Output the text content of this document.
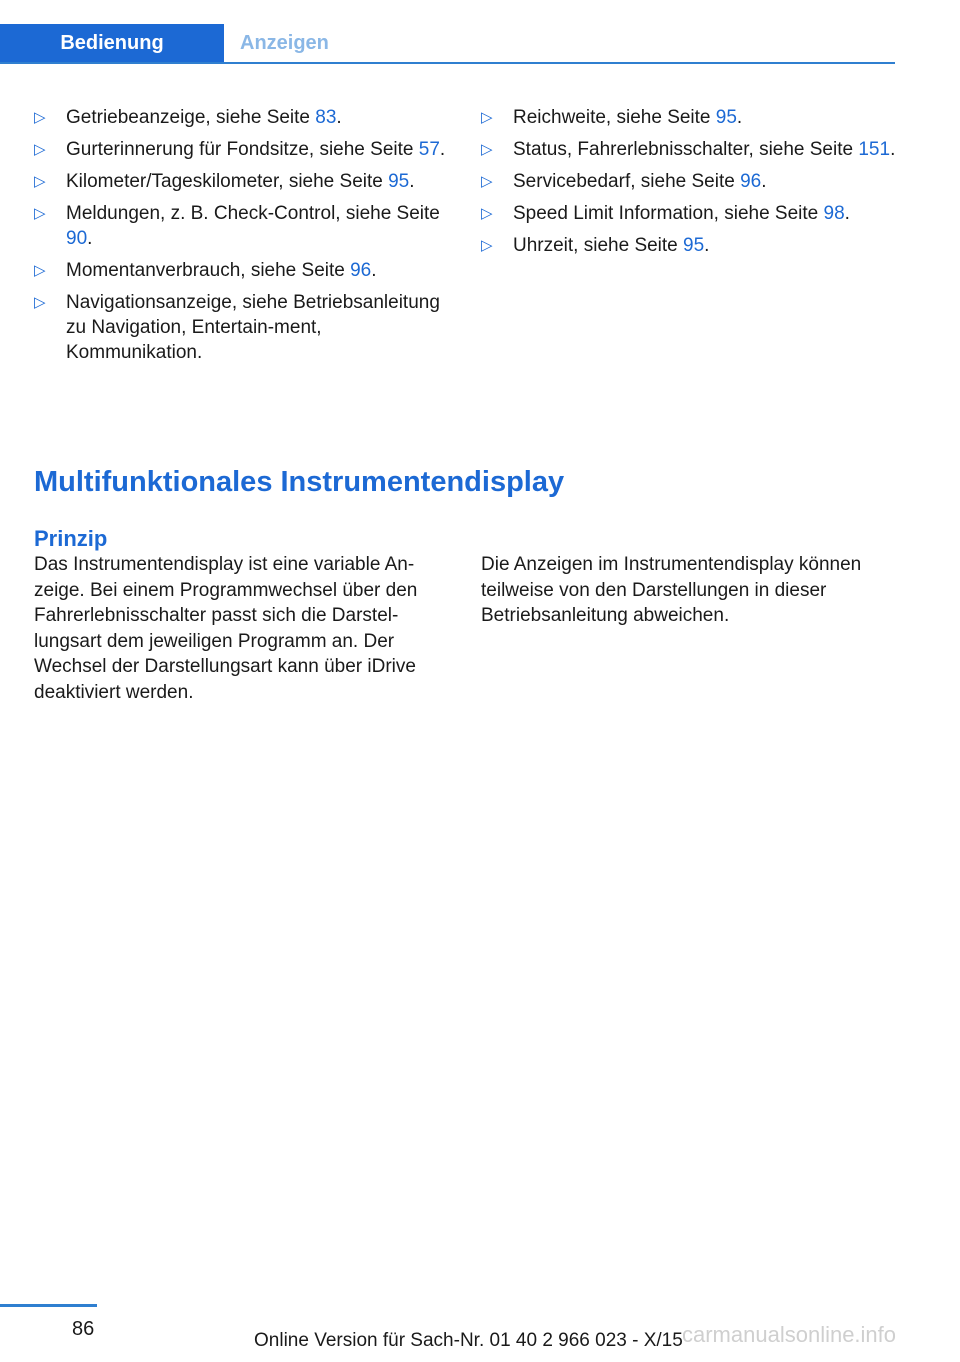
Bedienung	Anzeigen
▷ Getriebeanzeige, siehe Seite 83.
▷ Gurterinnerung für Fondsitze, siehe Seite 57.
▷ Kilometer/Tageskilometer, siehe Seite 95.
▷ Meldungen, z. B. Check-Control, siehe Seite 90.
▷ Momentanverbrauch, siehe Seite 96.
▷ Navigationsanzeige, siehe Betriebsanleitung zu Navigation, Entertain-ment, Kommunikation.
▷ Reichweite, siehe Seite 95.
▷ Status, Fahrerlebnisschalter, siehe Seite 151.
▷ Servicebedarf, siehe Seite 96.
▷ Speed Limit Information, siehe Seite 98.
▷ Uhrzeit, siehe Seite 95.
Multifunktionales Instrumentendisplay
Prinzip
Das Instrumentendisplay ist eine variable An-zeige. Bei einem Programmwechsel über den Fahrerlebnisschalter passt sich die Darstel-lungsart dem jeweiligen Programm an. Der Wechsel der Darstellungsart kann über iDrive deaktiviert werden.
Die Anzeigen im Instrumentendisplay können teilweise von den Darstellungen in dieser Betriebsanleitung abweichen.
86
Online Version für Sach-Nr. 01 40 2 966 023 - X/15 carmanualsonline.info
